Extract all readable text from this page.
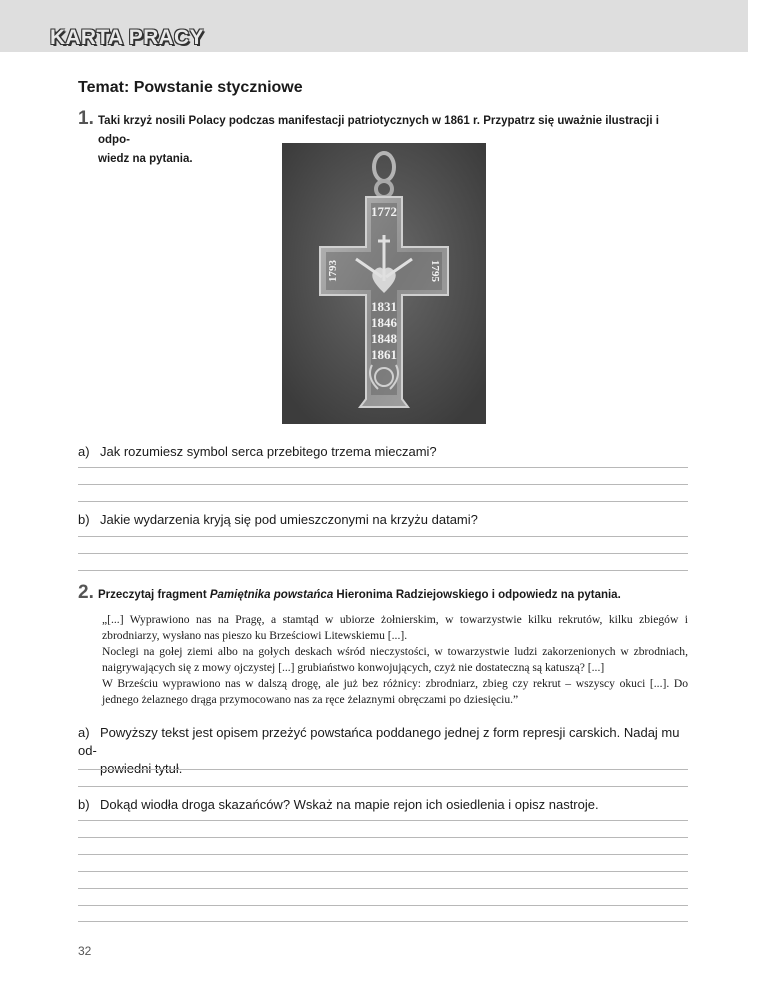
KARTA PRACY
Temat: Powstanie styczniowe
1. Taki krzyż nosili Polacy podczas manifestacji patriotycznych w 1861 r. Przypatrz się uważnie ilustracji i odpo-
wiedz na pytania.
1772
1793	1795
1831
1846
1848
1861
a) Jak rozumiesz symbol serca przebitego trzema mieczami?
b) Jakie wydarzenia kryją się pod umieszczonymi na krzyżu datami?
2. Przeczytaj fragment Pamiętnika powstańca Hieronima Radziejowskiego i odpowiedz na pytania.

„[...] Wyprawiono nas na Pragę, a stamtąd w ubiorze żołnierskim, w towarzystwie kilku rekrutów, kilku zbiegów i zbrodniarzy, wysłano nas pieszo ku Brześciowi Litewskiemu [...].

Noclegi na gołej ziemi albo na gołych deskach wśród nieczystości, w towarzystwie ludzi zakorzenionych w zbrodniach, naigrywających się z mowy ojczystej [...] grubiaństwo konwojujących, czyż nie dostateczną są katuszą? [...]

W Brześciu wyprawiono nas w dalszą drogę, ale już bez różnicy: zbrodniarz, zbieg czy rekrut – wszyscy okuci [...]. Do jednego żelaznego drąga przymocowano nas za ręce żelaznymi obręczami po dziesięciu.”

a) Powyższy tekst jest opisem przeżyć powstańca poddanego jednej z form represji carskich. Nadaj mu od-
powiedni tytuł.
b) Dokąd wiodła droga skazańców? Wskaż na mapie rejon ich osiedlenia i opisz nastroje.
32
